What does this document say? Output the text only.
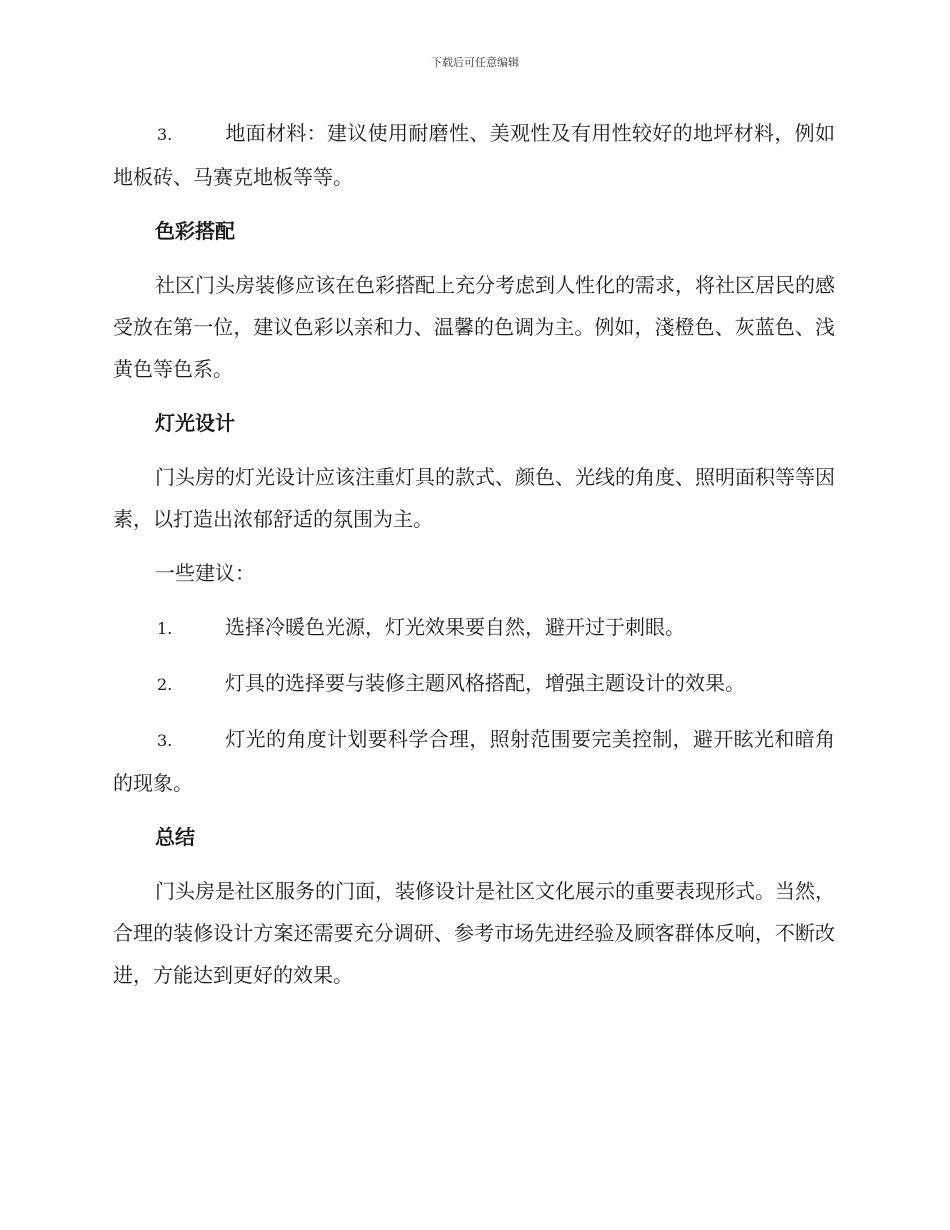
下载后可任意编辑

3.	地面材料：建议使用耐磨性、美观性及有用性较好的地坪材料，例如地板砖、马赛克地板等等。

色彩搭配

社区门头房装修应该在色彩搭配上充分考虑到人性化的需求，将社区居民的感受放在第一位，建议色彩以亲和力、温馨的色调为主。例如，淺橙色、灰蓝色、浅黄色等色系。

灯光设计

门头房的灯光设计应该注重灯具的款式、颜色、光线的角度、照明面积等等因素，以打造出浓郁舒适的氛围为主。

一些建议：

1.	选择冷暖色光源，灯光效果要自然，避开过于刺眼。

2.	灯具的选择要与装修主题风格搭配，增强主题设计的效果。

3.	灯光的角度计划要科学合理，照射范围要完美控制，避开眩光和暗角的现象。

总结

门头房是社区服务的门面，装修设计是社区文化展示的重要表现形式。当然，合理的装修设计方案还需要充分调研、参考市场先进经验及顾客群体反响，不断改进，方能达到更好的效果。
